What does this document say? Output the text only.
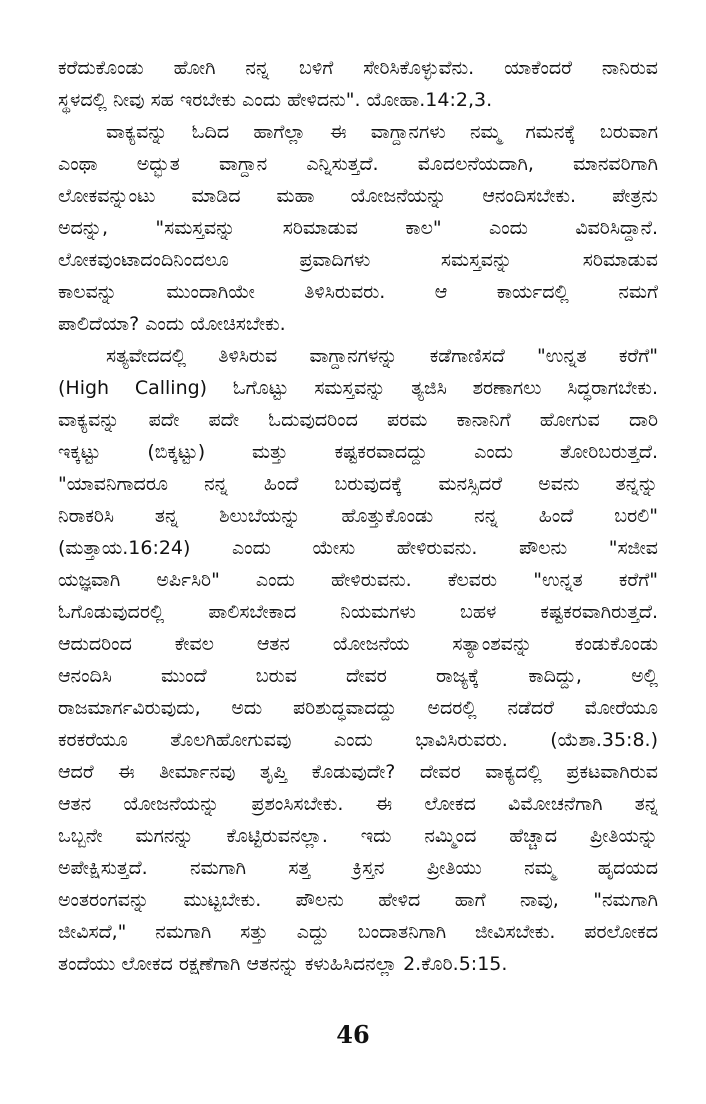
ಕರೆದುಕೊಂಡು ಹೋಗಿ ನನ್ನ ಬಳಿಗೆ ಸೇರಿಸಿಕೊಳ್ಳುವೆನು. ಯಾಕೆಂದರೆ ನಾನಿರುವ
ಸ್ಥಳದಲ್ಲಿ ನೀವು ಸಹ ಇರಬೇಕು ಎಂದು ಹೇಳಿದನು". ಯೋಹಾ.14:2,3.
ವಾಕ್ಯವನ್ನು ಓದಿದ ಹಾಗೆಲ್ಲಾ ಈ ವಾಗ್ದಾನಗಳು ನಮ್ಮ ಗಮನಕ್ಕೆ ಬರುವಾಗ
ಎಂಥಾ ಅದ್ಭುತ ವಾಗ್ದಾನ ಎನ್ನಿಸುತ್ತದೆ. ಮೊದಲನೆಯದಾಗಿ, ಮಾನವರಿಗಾಗಿ
ಲೋಕವನ್ನುಂಟು ಮಾಡಿದ ಮಹಾ ಯೋಜನೆಯನ್ನು ಆನಂದಿಸಬೇಕು. ಪೇತ್ರನು
ಅದನ್ನು, "ಸಮಸ್ತವನ್ನು ಸರಿಮಾಡುವ ಕಾಲ" ಎಂದು ವಿವರಿಸಿದ್ದಾನೆ.
ಲೋಕವುಂಟಾದಂದಿನಿಂದಲೂ ಪ್ರವಾದಿಗಳು ಸಮಸ್ತವನ್ನು ಸರಿಮಾಡುವ
ಕಾಲವನ್ನು ಮುಂದಾಗಿಯೇ ತಿಳಿಸಿರುವರು. ಆ ಕಾರ್ಯದಲ್ಲಿ ನಮಗೆ
ಪಾಲಿದೆಯಾ? ಎಂದು ಯೋಚಿಸಬೇಕು.
ಸತ್ಯವೇದದಲ್ಲಿ ತಿಳಿಸಿರುವ ವಾಗ್ದಾನಗಳನ್ನು ಕಡೆಗಾಣಿಸದೆ "ಉನ್ನತ ಕರೆಗೆ"
(High Calling) ಓಗೊಟ್ಟು ಸಮಸ್ತವನ್ನು ತ್ಯಜಿಸಿ ಶರಣಾಗಲು ಸಿದ್ಧರಾಗಬೇಕು.
ವಾಕ್ಯವನ್ನು ಪದೇ ಪದೇ ಓದುವುದರಿಂದ ಪರಮ ಕಾನಾನಿಗೆ ಹೋಗುವ ದಾರಿ
ಇಕ್ಕಟ್ಟು (ಬಿಕ್ಕಟ್ಟು) ಮತ್ತು ಕಷ್ಟಕರವಾದದ್ದು ಎಂದು ತೋರಿಬರುತ್ತದೆ.
"ಯಾವನಿಗಾದರೂ ನನ್ನ ಹಿಂದೆ ಬರುವುದಕ್ಕೆ ಮನಸ್ಸಿದರೆ ಅವನು ತನ್ನನ್ನು
ನಿರಾಕರಿಸಿ ತನ್ನ ಶಿಲುಬೆಯನ್ನು ಹೊತ್ತುಕೊಂಡು ನನ್ನ ಹಿಂದೆ ಬರಲಿ"
(ಮತ್ತಾಯ.16:24) ಎಂದು ಯೇಸು ಹೇಳಿರುವನು. ಪೌಲನು "ಸಜೀವ
ಯಜ್ಞವಾಗಿ ಅರ್ಪಿಸಿರಿ" ಎಂದು ಹೇಳಿರುವನು. ಕೆಲವರು "ಉನ್ನತ ಕರೆಗೆ"
ಓಗೊಡುವುದರಲ್ಲಿ ಪಾಲಿಸಬೇಕಾದ ನಿಯಮಗಳು ಬಹಳ ಕಷ್ಟಕರವಾಗಿರುತ್ತದೆ.
ಆದುದರಿಂದ ಕೇವಲ ಆತನ ಯೋಜನೆಯ ಸತ್ಯಾಂಶವನ್ನು ಕಂಡುಕೊಂಡು
ಆನಂದಿಸಿ ಮುಂದೆ ಬರುವ ದೇವರ ರಾಜ್ಯಕ್ಕೆ ಕಾದಿದ್ದು, ಅಲ್ಲಿ
ರಾಜಮಾರ್ಗವಿರುವುದು, ಅದು ಪರಿಶುದ್ಧವಾದದ್ದು ಅದರಲ್ಲಿ ನಡೆದರೆ ಮೋರೆಯೂ
ಕರಕರೆಯೂ ತೊಲಗಿಹೋಗುವವು ಎಂದು ಭಾವಿಸಿರುವರು. (ಯೆಶಾ.35:8.)
ಆದರೆ ಈ ತೀರ್ಮಾನವು ತೃಪ್ತಿ ಕೊಡುವುದೇ? ದೇವರ ವಾಕ್ಯದಲ್ಲಿ ಪ್ರಕಟವಾಗಿರುವ
ಆತನ ಯೋಜನೆಯನ್ನು ಪ್ರಶಂಸಿಸಬೇಕು. ಈ ಲೋಕದ ವಿಮೋಚನೆಗಾಗಿ ತನ್ನ
ಒಬ್ಬನೇ ಮಗನನ್ನು ಕೊಟ್ಟಿರುವನಲ್ಲಾ. ಇದು ನಮ್ಮಿಂದ ಹೆಚ್ಚಾದ ಪ್ರೀತಿಯನ್ನು
ಅಪೇಕ್ಷಿಸುತ್ತದೆ. ನಮಗಾಗಿ ಸತ್ತ ಕ್ರಿಸ್ತನ ಪ್ರೀತಿಯು ನಮ್ಮ ಹೃದಯದ
ಅಂತರಂಗವನ್ನು ಮುಟ್ಟಬೇಕು. ಪೌಲನು ಹೇಳಿದ ಹಾಗೆ ನಾವು, "ನಮಗಾಗಿ
ಜೀವಿಸದೆ," ನಮಗಾಗಿ ಸತ್ತು ಎದ್ದು ಬಂದಾತನಿಗಾಗಿ ಜೀವಿಸಬೇಕು. ಪರಲೋಕದ
ತಂದೆಯು ಲೋಕದ ರಕ್ಷಣೆಗಾಗಿ ಆತನನ್ನು ಕಳುಹಿಸಿದನಲ್ಲಾ 2.ಕೊರಿ.5:15.
46
